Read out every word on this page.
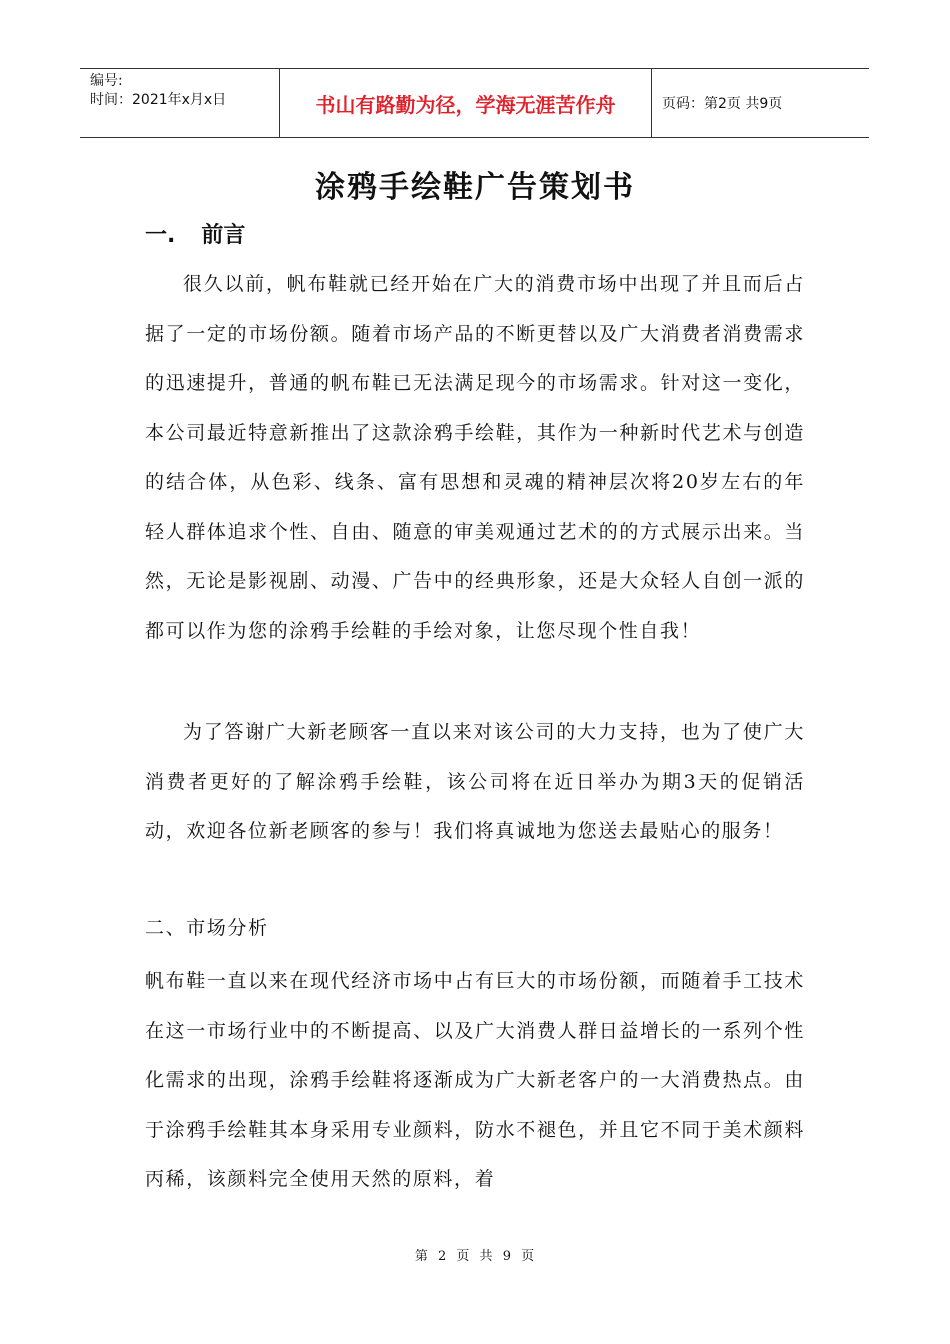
编号:
时间：2021年x月x日	书山有路勤为径，学海无涯苦作舟	页码：第2页 共9页
涂鸦手绘鞋广告策划书
一. 前言
很久以前，帆布鞋就已经开始在广大的消费市场中出现了并且而后占据了一定的市场份额。随着市场产品的不断更替以及广大消费者消费需求的迅速提升，普通的帆布鞋已无法满足现今的市场需求。针对这一变化，本公司最近特意新推出了这款涂鸦手绘鞋，其作为一种新时代艺术与创造的结合体，从色彩、线条、富有思想和灵魂的精神层次将20岁左右的年轻人群体追求个性、自由、随意的审美观通过艺术的的方式展示出来。当然，无论是影视剧、动漫、广告中的经典形象，还是大众轻人自创一派的都可以作为您的涂鸦手绘鞋的手绘对象，让您尽现个性自我！
为了答谢广大新老顾客一直以来对该公司的大力支持，也为了使广大消费者更好的了解涂鸦手绘鞋，该公司将在近日举办为期3天的促销活动，欢迎各位新老顾客的参与！我们将真诚地为您送去最贴心的服务！
二、市场分析
帆布鞋一直以来在现代经济市场中占有巨大的市场份额，而随着手工技术在这一市场行业中的不断提高、以及广大消费人群日益增长的一系列个性化需求的出现，涂鸦手绘鞋将逐渐成为广大新老客户的一大消费热点。由于涂鸦手绘鞋其本身采用专业颜料，防水不褪色，并且它不同于美术颜料丙稀，该颜料完全使用天然的原料，着
第 2 页 共 9 页
